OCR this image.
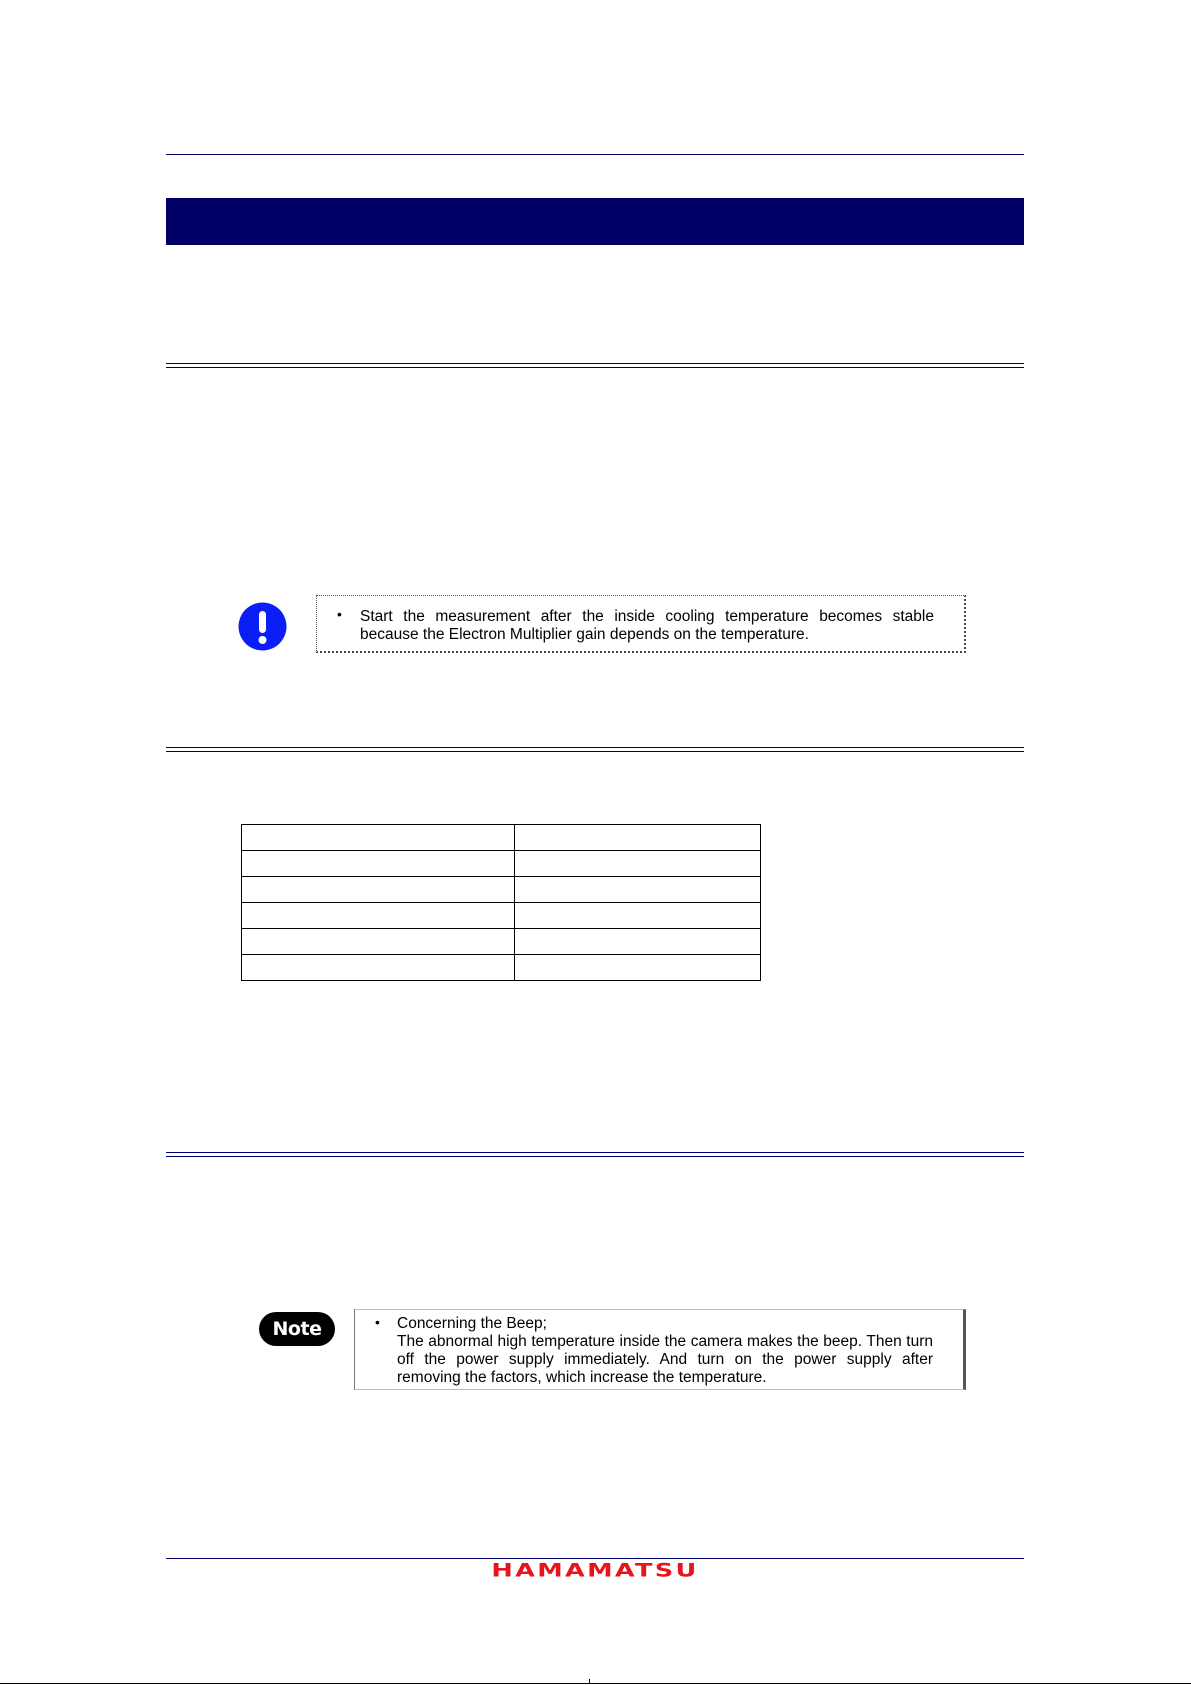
• Start the measurement after the inside cooling temperature becomes stable because the Electron Multiplier gain depends on the temperature.

Note	• Concerning the Beep;
The abnormal high temperature inside the camera makes the beep. Then turn off the power supply immediately. And turn on the power supply after removing the factors, which increase the temperature.
HAMAMATSU
